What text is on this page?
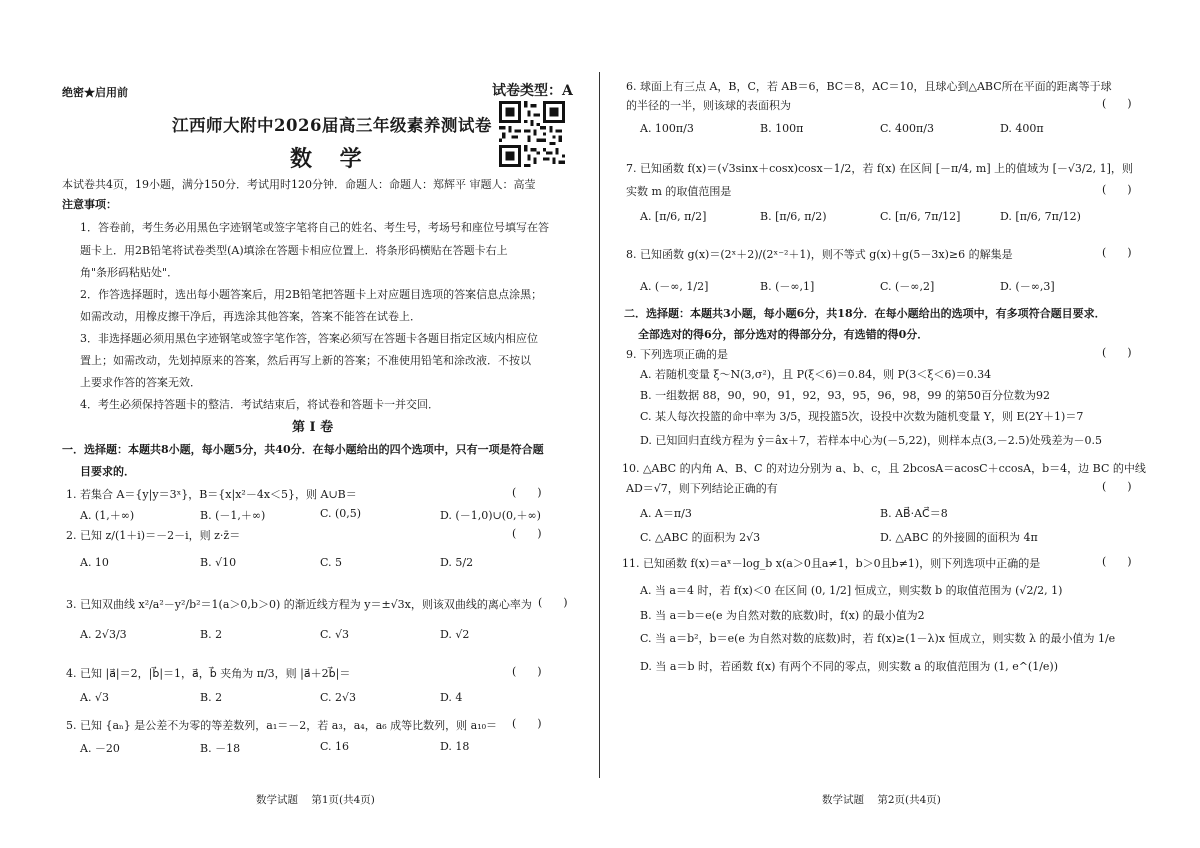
绝密★启用前	试卷类型：A
江西师大附中2026届高三年级素养测试卷
数 学
本试卷共4页，19小题，满分150分．考试用时120分钟．命题人：命题人：郑辉平 审题人：高莹
注意事项：
1．答卷前，考生务必用黑色字迹钢笔或签字笔将自己的姓名、考生号，考场号和座位号填写在答
题卡上．用2B铅笔将试卷类型(A)填涂在答题卡相应位置上．将条形码横贴在答题卡右上
角"条形码粘贴处"．
2．作答选择题时，选出每小题答案后，用2B铅笔把答题卡上对应题目选项的答案信息点涂黑；
如需改动，用橡皮擦干净后，再选涂其他答案，答案不能答在试卷上．
3．非选择题必须用黑色字迹钢笔或签字笔作答，答案必须写在答题卡各题目指定区域内相应位
置上；如需改动，先划掉原来的答案，然后再写上新的答案；不准使用铅笔和涂改液．不按以
上要求作答的答案无效．
4．考生必须保持答题卡的整洁．考试结束后，将试卷和答题卡一并交回．
第 Ⅰ 卷
一．选择题：本题共8小题，每小题5分，共40分．在每小题给出的四个选项中，只有一项是符合题
目要求的．
1. 若集合 A＝{y|y＝3ˣ}，B＝{x|x²－4x＜5}，则 A∪B＝	(      )
A. (1,＋∞)	B. (－1,＋∞)	C. (0,5)	D. (－1,0)∪(0,＋∞)
2. 已知 z/(1＋i)＝－2－i，则 z·z̄＝	(      )
A. 10	B. √10	C. 5	D. 5/2
3. 已知双曲线 x²/a²－y²/b²＝1(a＞0,b＞0) 的渐近线方程为 y＝±√3x，则该双曲线的离心率为 (      )
A. 2√3/3	B. 2	C. √3	D. √2
4. 已知 |a⃗|＝2，|b⃗|＝1，a⃗，b⃗ 夹角为 π/3，则 |a⃗＋2b⃗|＝	(      )
A. √3	B. 2	C. 2√3	D. 4
5. 已知 {aₙ} 是公差不为零的等差数列，a₁＝－2，若 a₃，a₄，a₆ 成等比数列，则 a₁₀＝ (      )
A. －20	B. －18	C. 16	D. 18
数学试题    第1页(共4页)
6. 球面上有三点 A，B，C，若 AB＝6，BC＝8，AC＝10，且球心到△ABC所在平面的距离等于球
的半径的一半，则该球的表面积为	(      )
A. 100π/3	B. 100π	C. 400π/3	D. 400π
7. 已知函数 f(x)＝(√3sinx＋cosx)cosx－1/2，若 f(x) 在区间 [－π/4, m] 上的值域为 [－√3/2, 1]，则
实数 m 的取值范围是	(      )
A. [π/6, π/2]	B. [π/6, π/2)	C. [π/6, 7π/12]	D. [π/6, 7π/12)
8. 已知函数 g(x)＝(2ˣ＋2)/(2ˣ⁻²＋1)，则不等式 g(x)＋g(5－3x)≥6 的解集是	(      )
A. (－∞, 1/2]	B. (－∞,1]	C. (－∞,2]	D. (－∞,3]
二．选择题：本题共3小题，每小题6分，共18分．在每小题给出的选项中，有多项符合题目要求．
全部选对的得6分，部分选对的得部分分，有选错的得0分．
9. 下列选项正确的是	(      )
A. 若随机变量 ξ～N(3,σ²)，且 P(ξ＜6)＝0.84，则 P(3＜ξ＜6)＝0.34
B. 一组数据 88，90，90，91，92，93，95，96，98，99 的第50百分位数为92
C. 某人每次投篮的命中率为 3/5，现投篮5次，设投中次数为随机变量 Y，则 E(2Y＋1)＝7
D. 已知回归直线方程为 ŷ＝âx＋7，若样本中心为(－5,22)，则样本点(3,－2.5)处残差为－0.5
10. △ABC 的内角 A、B、C 的对边分别为 a、b、c，且 2bcosA＝acosC＋ccosA，b＝4，边 BC 的中线
AD＝√7，则下列结论正确的有	(      )
A. A＝π/3	B. AB⃗·AC⃗＝8
C. △ABC 的面积为 2√3	D. △ABC 的外接圆的面积为 4π
11. 已知函数 f(x)＝aˣ－log_b x(a＞0且a≠1，b＞0且b≠1)，则下列选项中正确的是	(      )
A. 当 a＝4 时，若 f(x)＜0 在区间 (0, 1/2] 恒成立，则实数 b 的取值范围为 (√2/2, 1)
B. 当 a＝b＝e(e 为自然对数的底数)时，f(x) 的最小值为2
C. 当 a＝b²，b＝e(e 为自然对数的底数)时，若 f(x)≥(1－λ)x 恒成立，则实数 λ 的最小值为 1/e
D. 当 a＝b 时，若函数 f(x) 有两个不同的零点，则实数 a 的取值范围为 (1, e^(1/e))
数学试题    第2页(共4页)
